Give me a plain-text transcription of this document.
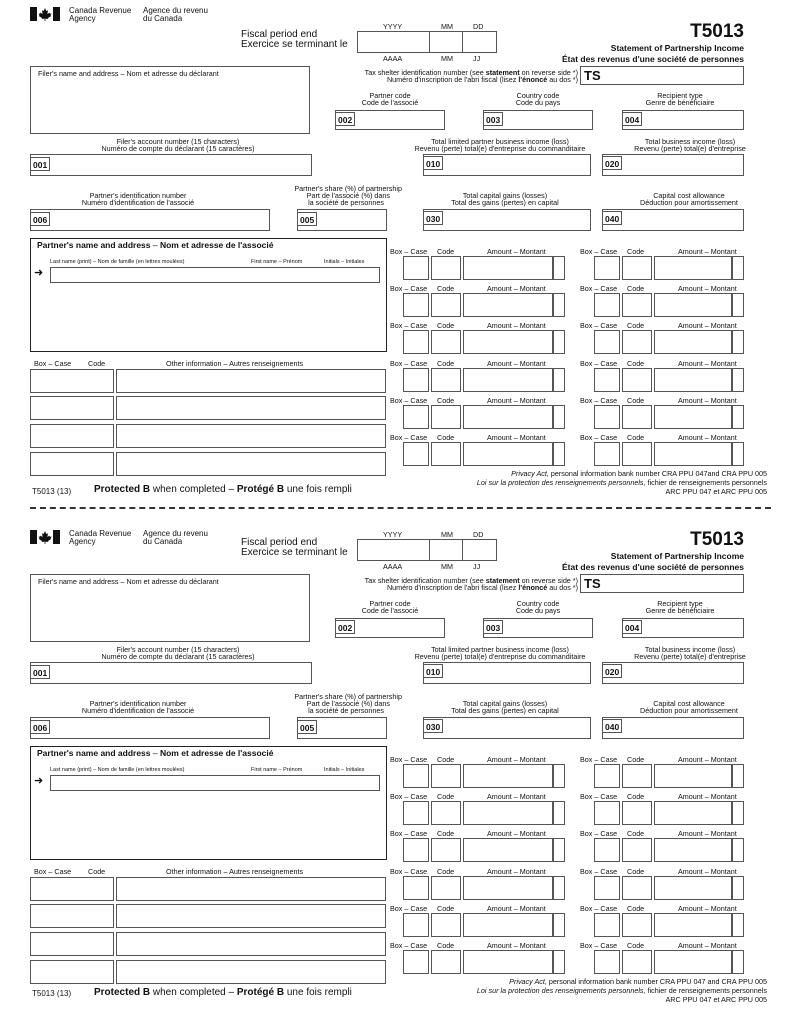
Canada Revenue
Agency
Agence du revenu
du Canada
Fiscal period end
Exercice se terminant le
YYYY	MM	DD
AAAA	MM	JJ
T5013
Statement of Partnership Income
État des revenus d'une société de personnes
Filer's name and address – Nom et adresse du déclarant	Tax shelter identification number (see statement on reverse side *)
Numéro d'inscription de l'abri fiscal (lisez l'énoncé au dos *) TS
Partner code
Code de l'associé
002
Country code
Code du pays
003
Recipient type
Genre de bénéficiaire
004
Filer's account number (15 characters)
Numéro de compte du déclarant (15 caractères)
001
Total limited partner business income (loss)
Revenu (perte) total(e) d'entreprise du commanditaire
010
Total business income (loss)
Revenu (perte) total(e) d'entreprise
020
Partner's identification number
Numéro d'identification de l'associé
006
Partner's share (%) of partnership
Part de l'associé (%) dans
la société de personnes
005
Total capital gains (losses)
Total des gains (pertes) en capital
030
Capital cost allowance
Déduction pour amortissement
040
Partner's name and address – Nom et adresse de l'associé
Last name (print) – Nom de famille (en lettres moulées)	First name – Prénom	Initials – Initiales
➜
Box – Case Code	Other information – Autres renseignements
Box – Case Code	Amount – Montant
Box – Case Code	Amount – Montant
Box – Case Code	Amount – Montant
Box – Case Code	Amount – Montant
Box – Case Code	Amount – Montant
Box – Case Code	Amount – Montant
Box – Case Code	Amount – Montant
Box – Case Code	Amount – Montant
Box – Case Code	Amount – Montant
Box – Case Code	Amount – Montant
Box – Case Code	Amount – Montant
Box – Case Code	Amount – Montant
Privacy Act, personal information bank number CRA PPU 047and CRA PPU 005
Loi sur la protection des renseignements personnels, fichier de renseignements personnels
ARC PPU 047 et ARC PPU 005
T5013 (13) Protected B when completed – Protégé B une fois rempli
Canada Revenue
Agency
Agence du revenu
du Canada	Fiscal period end
Exercice se terminant le
YYYY	MM	DD
AAAA	MM	JJ
T5013
Statement of Partnership Income
État des revenus d'une société de personnes
Filer's name and address – Nom et adresse du déclarant	Tax shelter identification number (see statement on reverse side *)
Numéro d'inscription de l'abri fiscal (lisez l'énoncé au dos *) TS
Partner code
Code de l'associé
002
Country code
Code du pays
003
Recipient type
Genre de bénéficiaire
004
Filer's account number (15 characters)
Numéro de compte du déclarant (15 caractères)
001
Total limited partner business income (loss)
Revenu (perte) total(e) d'entreprise du commanditaire
010
Total business income (loss)
Revenu (perte) total(e) d'entreprise
020
Partner's identification number
Numéro d'identification de l'associé
006
Partner's share (%) of partnership
Part de l'associé (%) dans
la société de personnes
005
Total capital gains (losses)
Total des gains (pertes) en capital
030
Capital cost allowance
Déduction pour amortissement
040
Partner's name and address – Nom et adresse de l'associé
Last name (print) – Nom de famille (en lettres moulées)	First name – Prénom	Initials – Initiales
➜
Box – Case Code	Other information – Autres renseignements
Box – Case Code	Amount – Montant
Box – Case Code	Amount – Montant
Box – Case Code	Amount – Montant
Box – Case Code	Amount – Montant
Box – Case Code	Amount – Montant
Box – Case Code	Amount – Montant
Box – Case Code	Amount – Montant
Box – Case Code	Amount – Montant
Box – Case Code	Amount – Montant
Box – Case Code	Amount – Montant
Box – Case Code	Amount – Montant
Box – Case Code	Amount – Montant
Privacy Act, personal information bank number CRA PPU 047 and CRA PPU 005
Loi sur la protection des renseignements personnels, fichier de renseignements personnels
ARC PPU 047 et ARC PPU 005
T5013 (13) Protected B when completed – Protégé B une fois rempli
